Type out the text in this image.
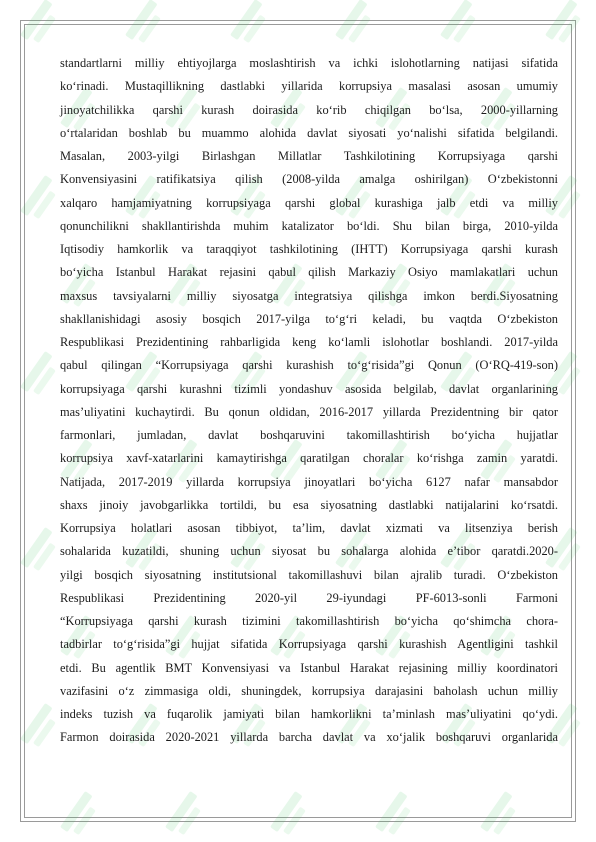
standartlarni milliy ehtiyojlarga moslashtirish va ichki islohotlarning natijasi sifatida
ko‘rinadi. Mustaqillikning dastlabki yillarida korrupsiya masalasi asosan umumiy
jinoyatchilikka qarshi kurash doirasida ko‘rib chiqilgan bo‘lsa, 2000-yillarning
o‘rtalaridan boshlab bu muammo alohida davlat siyosati yo‘nalishi sifatida belgilandi.
Masalan, 2003-yilgi Birlashgan Millatlar Tashkilotining Korrupsiyaga qarshi
Konvensiyasini ratifikatsiya qilish (2008-yilda amalga oshirilgan) O‘zbekistonni
xalqaro hamjamiyatning korrupsiyaga qarshi global kurashiga jalb etdi va milliy
qonunchilikni shakllantirishda muhim katalizator bo‘ldi. Shu bilan birga, 2010-yilda
Iqtisodiy hamkorlik va taraqqiyot tashkilotining (IHTT) Korrupsiyaga qarshi kurash
bo‘yicha Istanbul Harakat rejasini qabul qilish Markaziy Osiyo mamlakatlari uchun
maxsus tavsiyalarni milliy siyosatga integratsiya qilishga imkon berdi.Siyosatning
shakllanishidagi asosiy bosqich 2017-yilga to‘g‘ri keladi, bu vaqtda O‘zbekiston
Respublikasi Prezidentining rahbarligida keng ko‘lamli islohotlar boshlandi. 2017-yilda
qabul qilingan “Korrupsiyaga qarshi kurashish to‘g‘risida”gi Qonun (O‘RQ-419-son)
korrupsiyaga qarshi kurashni tizimli yondashuv asosida belgilab, davlat organlarining
mas’uliyatini kuchaytirdi. Bu qonun oldidan, 2016-2017 yillarda Prezidentning bir qator
farmonlari, jumladan, davlat boshqaruvini takomillashtirish bo‘yicha hujjatlar
korrupsiya xavf-xatarlarini kamaytirishga qaratilgan choralar ko‘rishga zamin yaratdi.
Natijada, 2017-2019 yillarda korrupsiya jinoyatlari bo‘yicha 6127 nafar mansabdor
shaxs jinoiy javobgarlikka tortildi, bu esa siyosatning dastlabki natijalarini ko‘rsatdi.
Korrupsiya holatlari asosan tibbiyot, ta’lim, davlat xizmati va litsenziya berish
sohalarida kuzatildi, shuning uchun siyosat bu sohalarga alohida e’tibor qaratdi.2020-
yilgi bosqich siyosatning institutsional takomillashuvi bilan ajralib turadi. O‘zbekiston
Respublikasi Prezidentining 2020-yil 29-iyundagi PF-6013-sonli Farmoni
“Korrupsiyaga qarshi kurash tizimini takomillashtirish bo‘yicha qo‘shimcha chora-
tadbirlar to‘g‘risida”gi hujjat sifatida Korrupsiyaga qarshi kurashish Agentligini tashkil
etdi. Bu agentlik BMT Konvensiyasi va Istanbul Harakat rejasining milliy koordinatori
vazifasini o‘z zimmasiga oldi, shuningdek, korrupsiya darajasini baholash uchun milliy
indeks tuzish va fuqarolik jamiyati bilan hamkorlikni ta’minlash mas’uliyatini qo‘ydi.
Farmon doirasida 2020-2021 yillarda barcha davlat va xo‘jalik boshqaruvi organlarida
